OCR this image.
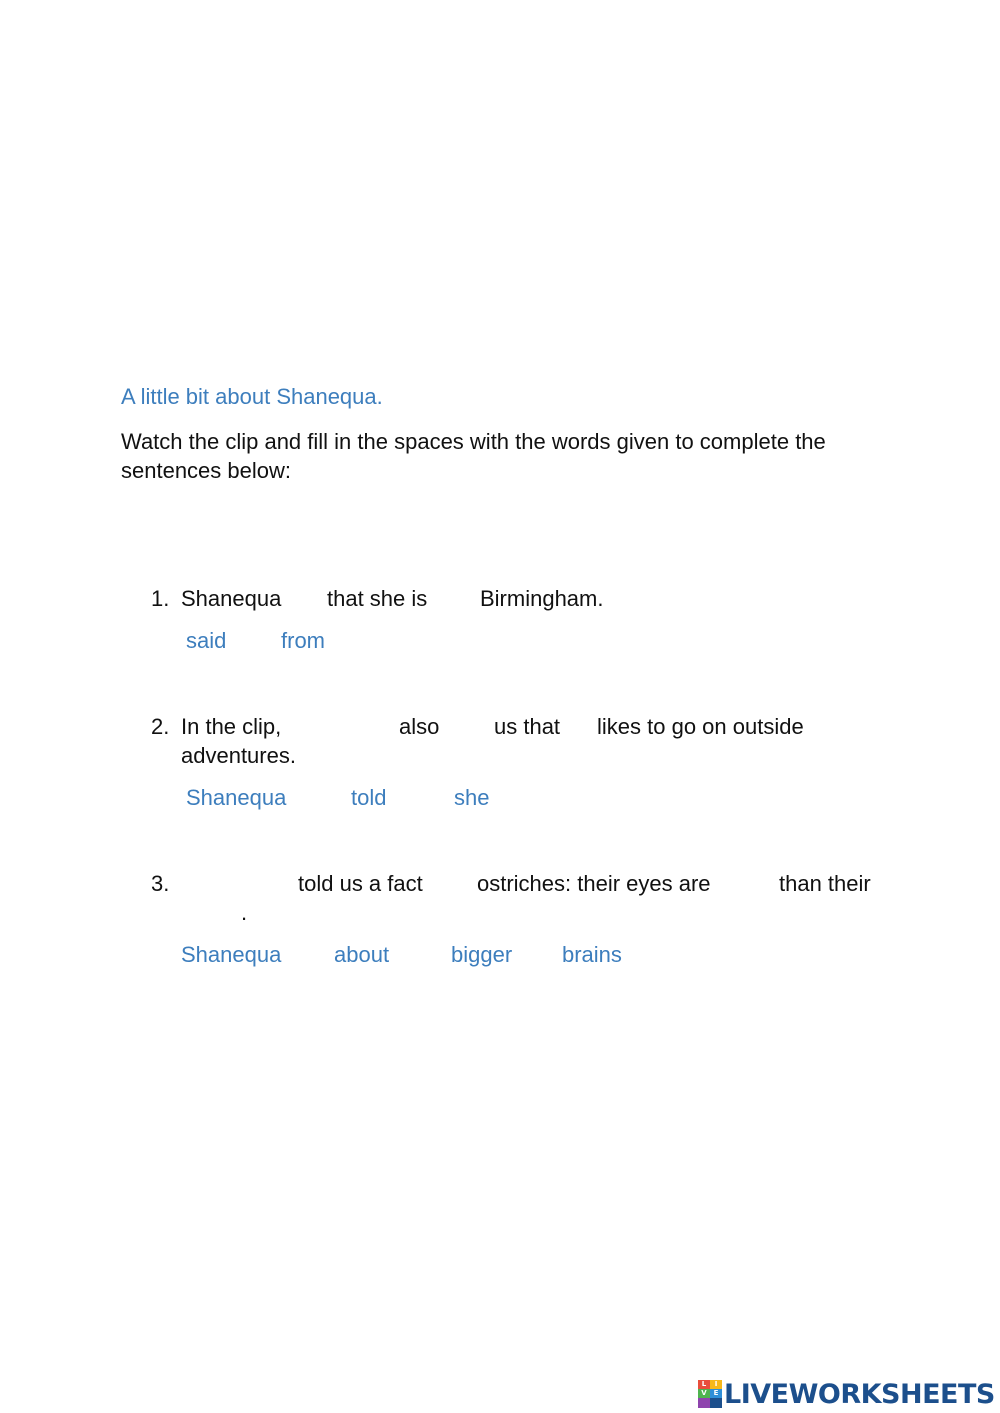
A little bit about Shanequa.
Watch the clip and fill in the spaces with the words given to complete the
sentences below:
1. Shanequa that she is Birmingham.
said from
2. In the clip,	also us that likes to go on outside
adventures.
Shanequa	told	she
3.	told us a fact ostriches: their eyes are	than their
.
Shanequa about	bigger brains
L	I
V E LIVEWORKSHEETS
